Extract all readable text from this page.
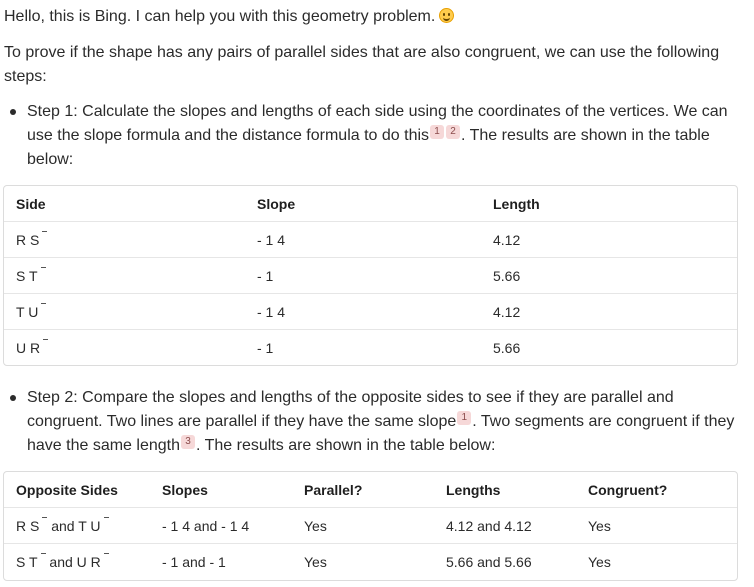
Hello, this is Bing. I can help you with this geometry problem.
To prove if the shape has any pairs of parallel sides that are also congruent, we can use the following steps:
Step 1: Calculate the slopes and lengths of each side using the coordinates of the vertices. We can use the slope formula and the distance formula to do this 1 2 . The results are shown in the table below:
Side	Slope	Length
R S	- 1 4	4.12
S T	- 1	5.66
T U	- 1 4	4.12
U R	- 1	5.66
Step 2: Compare the slopes and lengths of the opposite sides to see if they are parallel and congruent. Two lines are parallel if they have the same slope 1 . Two segments are congruent if they have the same length 3 . The results are shown in the table below:
Opposite Sides	Slopes	Parallel?	Lengths	Congruent?
R S and T U	- 1 4 and - 1 4	Yes	4.12 and 4.12	Yes
S T and U R	- 1 and - 1	Yes	5.66 and 5.66	Yes
